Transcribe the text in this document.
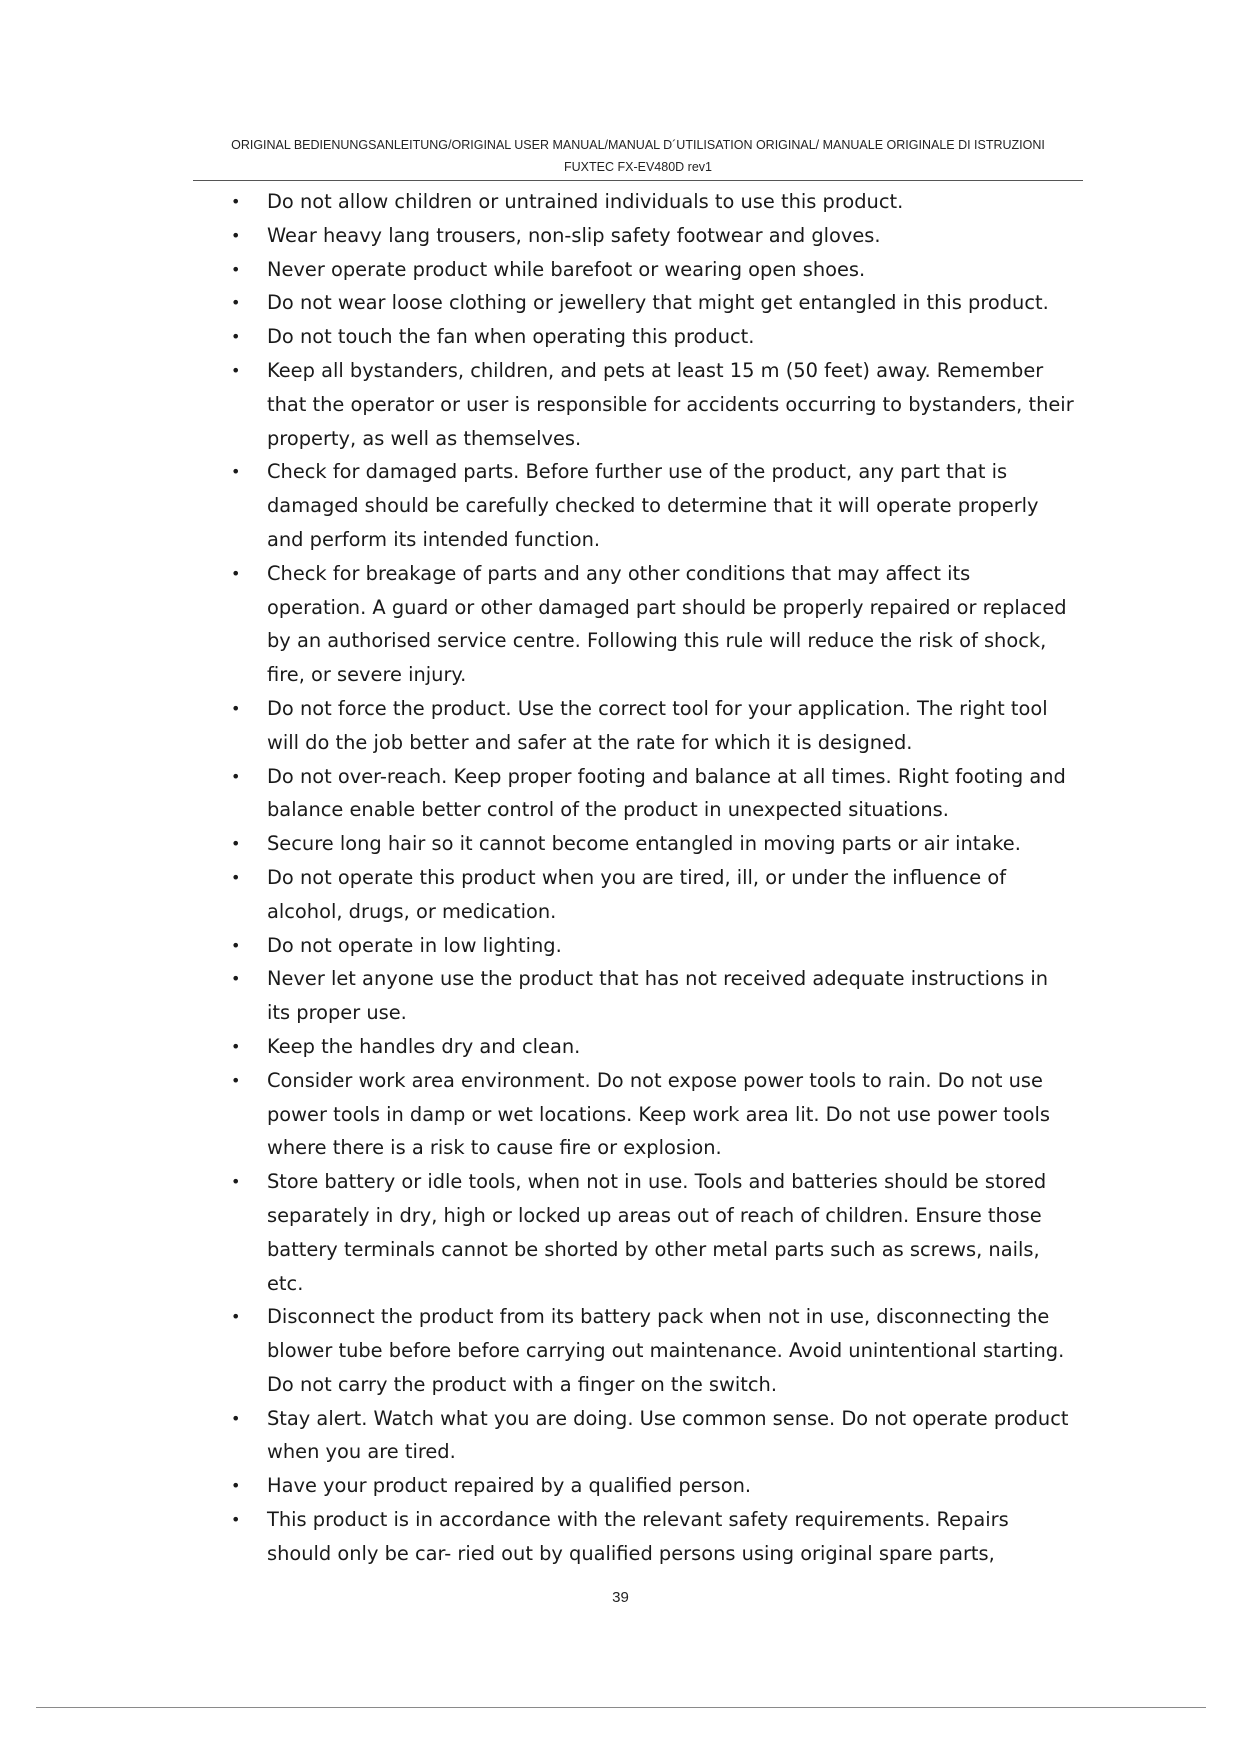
ORIGINAL BEDIENUNGSANLEITUNG/ORIGINAL USER MANUAL/MANUAL D´UTILISATION ORIGINAL/ MANUALE ORIGINALE DI ISTRUZIONI
FUXTEC FX-EV480D rev1
• Do not allow children or untrained individuals to use this product.
• Wear heavy lang trousers, non-slip safety footwear and gloves.
• Never operate product while barefoot or wearing open shoes.
• Do not wear loose clothing or jewellery that might get entangled in this product.
• Do not touch the fan when operating this product.
• Keep all bystanders, children, and pets at least 15 m (50 feet) away. Remember that the operator or user is responsible for accidents occurring to bystanders, their property, as well as themselves.
• Check for damaged parts. Before further use of the product, any part that is damaged should be carefully checked to determine that it will operate properly and perform its intended function.
• Check for breakage of parts and any other conditions that may affect its operation. A guard or other damaged part should be properly repaired or replaced by an authorised service centre. Following this rule will reduce the risk of shock, fire, or severe injury.
• Do not force the product. Use the correct tool for your application. The right tool will do the job better and safer at the rate for which it is designed.
• Do not over-reach. Keep proper footing and balance at all times. Right footing and balance enable better control of the product in unexpected situations.
• Secure long hair so it cannot become entangled in moving parts or air intake.
• Do not operate this product when you are tired, ill, or under the influence of alcohol, drugs, or medication.
• Do not operate in low lighting.
• Never let anyone use the product that has not received adequate instructions in its proper use.
• Keep the handles dry and clean.
• Consider work area environment. Do not expose power tools to rain. Do not use power tools in damp or wet locations. Keep work area lit. Do not use power tools where there is a risk to cause fire or explosion.
• Store battery or idle tools, when not in use. Tools and batteries should be stored separately in dry, high or locked up areas out of reach of children. Ensure those battery terminals cannot be shorted by other metal parts such as screws, nails, etc.
• Disconnect the product from its battery pack when not in use, disconnecting the blower tube before before carrying out maintenance. Avoid unintentional starting. Do not carry the product with a finger on the switch.
• Stay alert. Watch what you are doing. Use common sense. Do not operate product when you are tired.
• Have your product repaired by a qualified person.
• This product is in accordance with the relevant safety requirements. Repairs should only be car- ried out by qualified persons using original spare parts,
39
